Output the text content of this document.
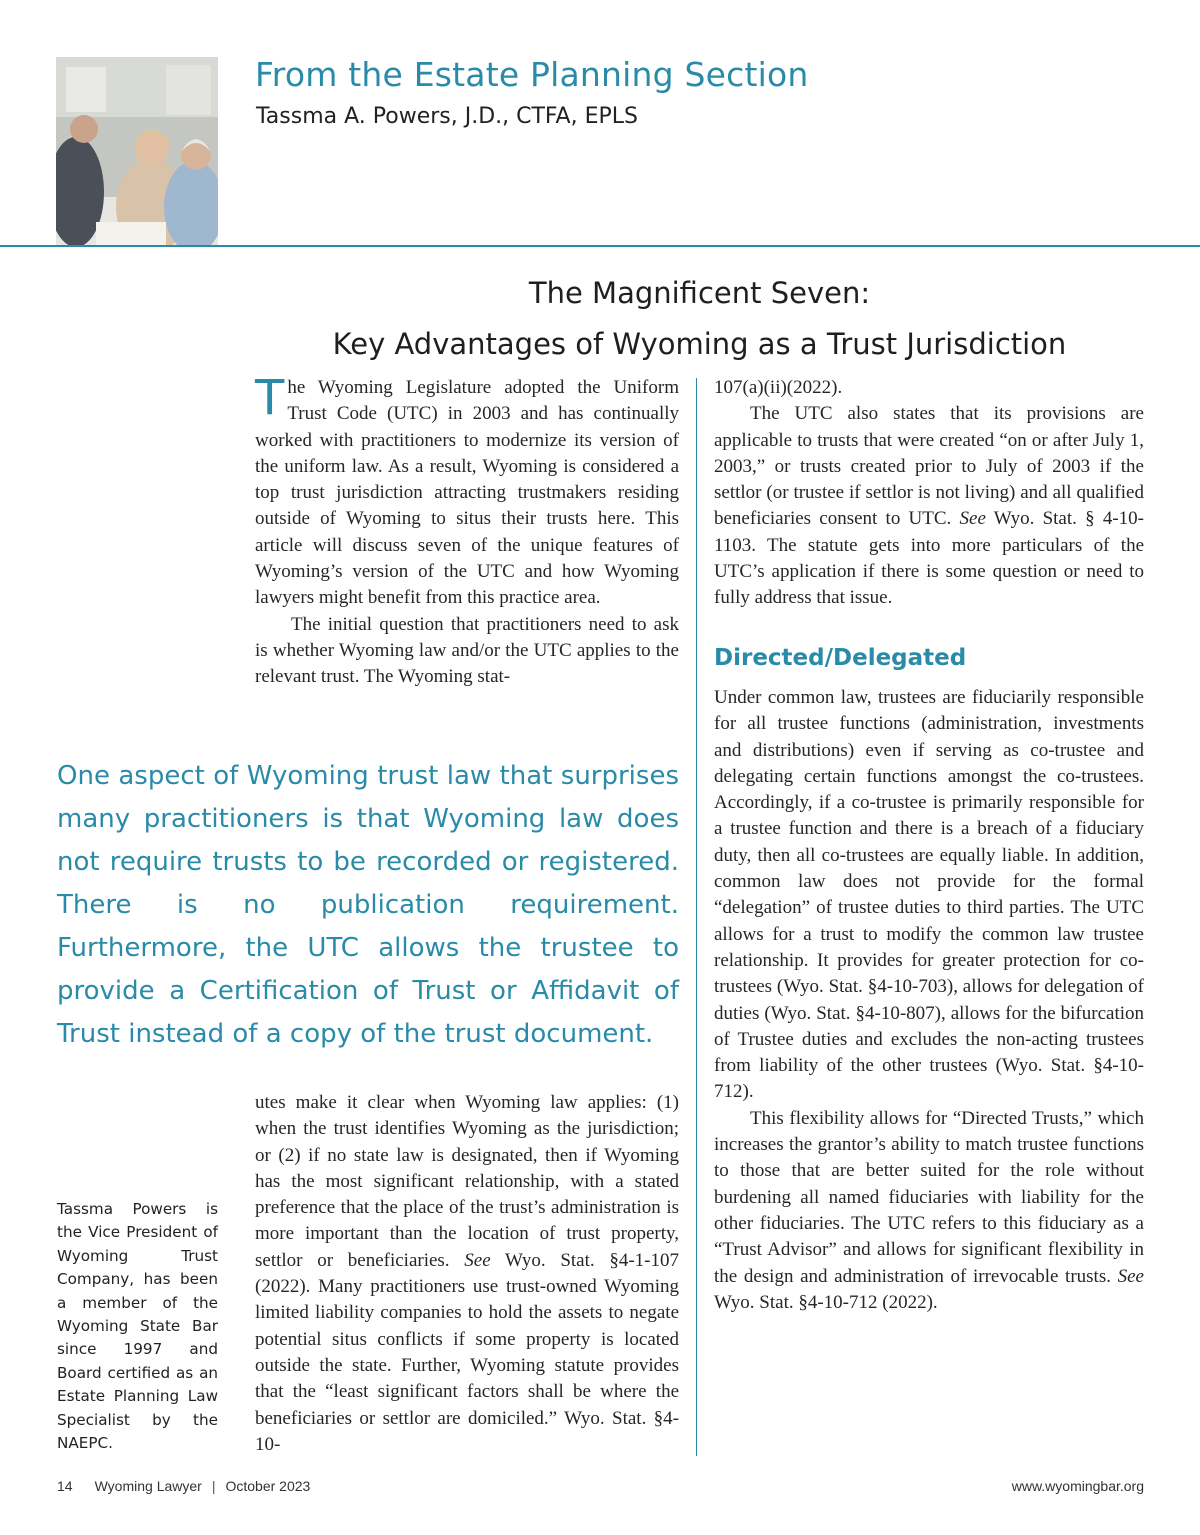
From the Estate Planning Section
Tassma A. Powers, J.D., CTFA, EPLS
The Magnificent Seven:
Key Advantages of Wyoming as a Trust Jurisdiction

The Wyoming Legislature adopted the Uniform Trust Code (UTC) in 2003 and has continually worked with practitioners to modernize its version of the uniform law. As a result, Wyoming is considered a top trust jurisdiction attracting trustmakers residing outside of Wyoming to situs their trusts here. This article will discuss seven of the unique features of Wyoming’s version of the UTC and how Wyoming lawyers might benefit from this practice area.

The initial question that practitioners need to ask is whether Wyoming law and/or the UTC applies to the relevant trust. The Wyoming stat-

One aspect of Wyoming trust law that surprises many practitioners is that Wyoming law does not require trusts to be recorded or registered. There is no publication requirement. Furthermore, the UTC allows the trustee to provide a Certification of Trust or Affidavit of Trust instead of a copy of the trust document.

utes make it clear when Wyoming law applies: (1) when the trust identifies Wyoming as the jurisdiction; or (2) if no state law is designated, then if Wyoming has the most significant relationship, with a stated preference that the place of the trust’s administration is more important than the location of trust property, settlor or beneficiaries. See Wyo. Stat. §4-1-107 (2022). Many practitioners use trust-owned Wyoming limited liability companies to hold the assets to negate potential situs conflicts if some property is located outside the state. Further, Wyoming statute provides that the “least significant factors shall be where the beneficiaries or settlor are domiciled.” Wyo. Stat. §4-10-

Tassma Powers is the Vice President of Wyoming Trust Company, has been a member of the Wyoming State Bar since 1997 and Board certified as an Estate Planning Law Specialist by the NAEPC.

107(a)(ii)(2022).

The UTC also states that its provisions are applicable to trusts that were created “on or after July 1, 2003,” or trusts created prior to July of 2003 if the settlor (or trustee if settlor is not living) and all qualified beneficiaries consent to UTC. See Wyo. Stat. § 4-10-1103. The statute gets into more particulars of the UTC’s application if there is some question or need to fully address that issue.

Directed/Delegated

Under common law, trustees are fiduciarily responsible for all trustee functions (administration, investments and distributions) even if serving as co-trustee and delegating certain functions amongst the co-trustees. Accordingly, if a co-trustee is primarily responsible for a trustee function and there is a breach of a fiduciary duty, then all co-trustees are equally liable. In addition, common law does not provide for the formal “delegation” of trustee duties to third parties. The UTC allows for a trust to modify the common law trustee relationship. It provides for greater protection for co-trustees (Wyo. Stat. §4-10-703), allows for delegation of duties (Wyo. Stat. §4-10-807), allows for the bifurcation of Trustee duties and excludes the non-acting trustees from liability of the other trustees (Wyo. Stat. §4-10-712).

This flexibility allows for “Directed Trusts,” which increases the grantor’s ability to match trustee functions to those that are better suited for the role without burdening all named fiduciaries with liability for the other fiduciaries. The UTC refers to this fiduciary as a “Trust Advisor” and allows for significant flexibility in the design and administration of irrevocable trusts. See Wyo. Stat. §4-10-712 (2022).

14 Wyoming Lawyer | October 2023	www.wyomingbar.org
